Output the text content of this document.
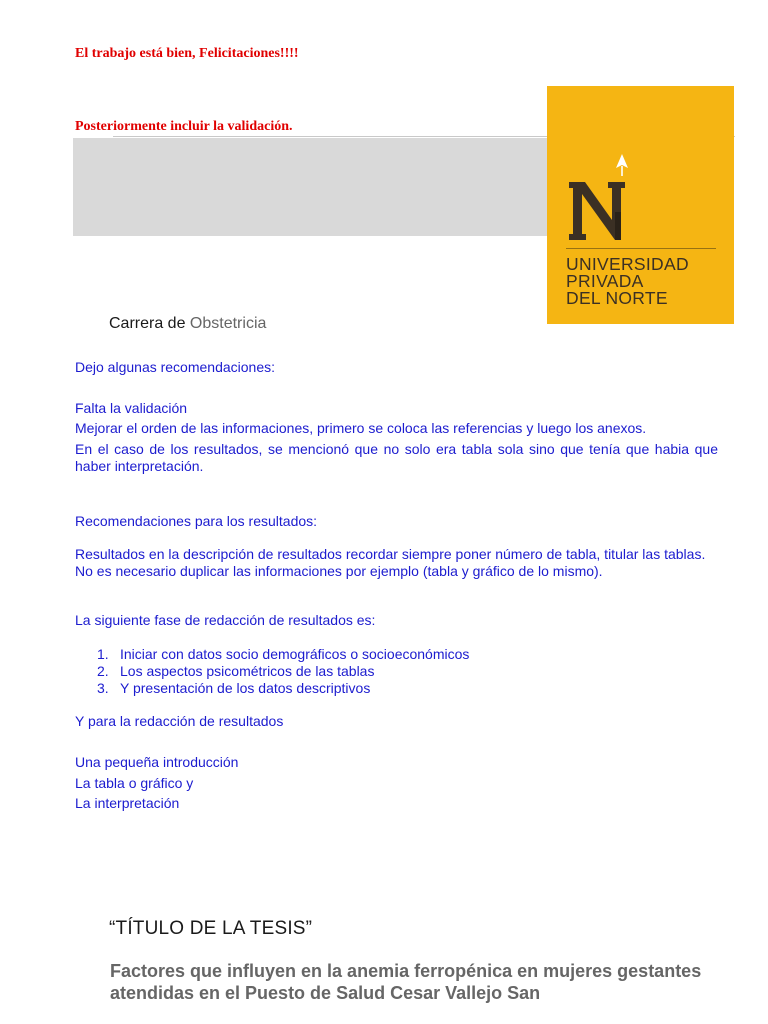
El trabajo está bien, Felicitaciones!!!!
Posteriormente incluir la validación.
UNIVERSIDAD
PRIVADA
DEL NORTE
Carrera de Obstetricia
Dejo algunas recomendaciones:
Falta la validación
Mejorar el orden de las informaciones, primero se coloca las referencias y luego los anexos.
En el caso de los resultados, se mencionó que no solo era tabla sola sino que tenía que habia que haber interpretación.
Recomendaciones para los resultados:
Resultados en la descripción de resultados recordar siempre poner número de tabla, titular las tablas. No es necesario duplicar las informaciones por ejemplo (tabla y gráfico de lo mismo).
La siguiente fase de redacción de resultados es:
1. Iniciar con datos socio demográficos o socioeconómicos
2. Los aspectos psicométricos de las tablas
3. Y presentación de los datos descriptivos
Y para la redacción de resultados
Una pequeña introducción
La tabla o gráfico y
La interpretación
“TÍTULO DE LA TESIS”
Factores que influyen en la anemia ferropénica en mujeres gestantes atendidas en el Puesto de Salud Cesar Vallejo San
